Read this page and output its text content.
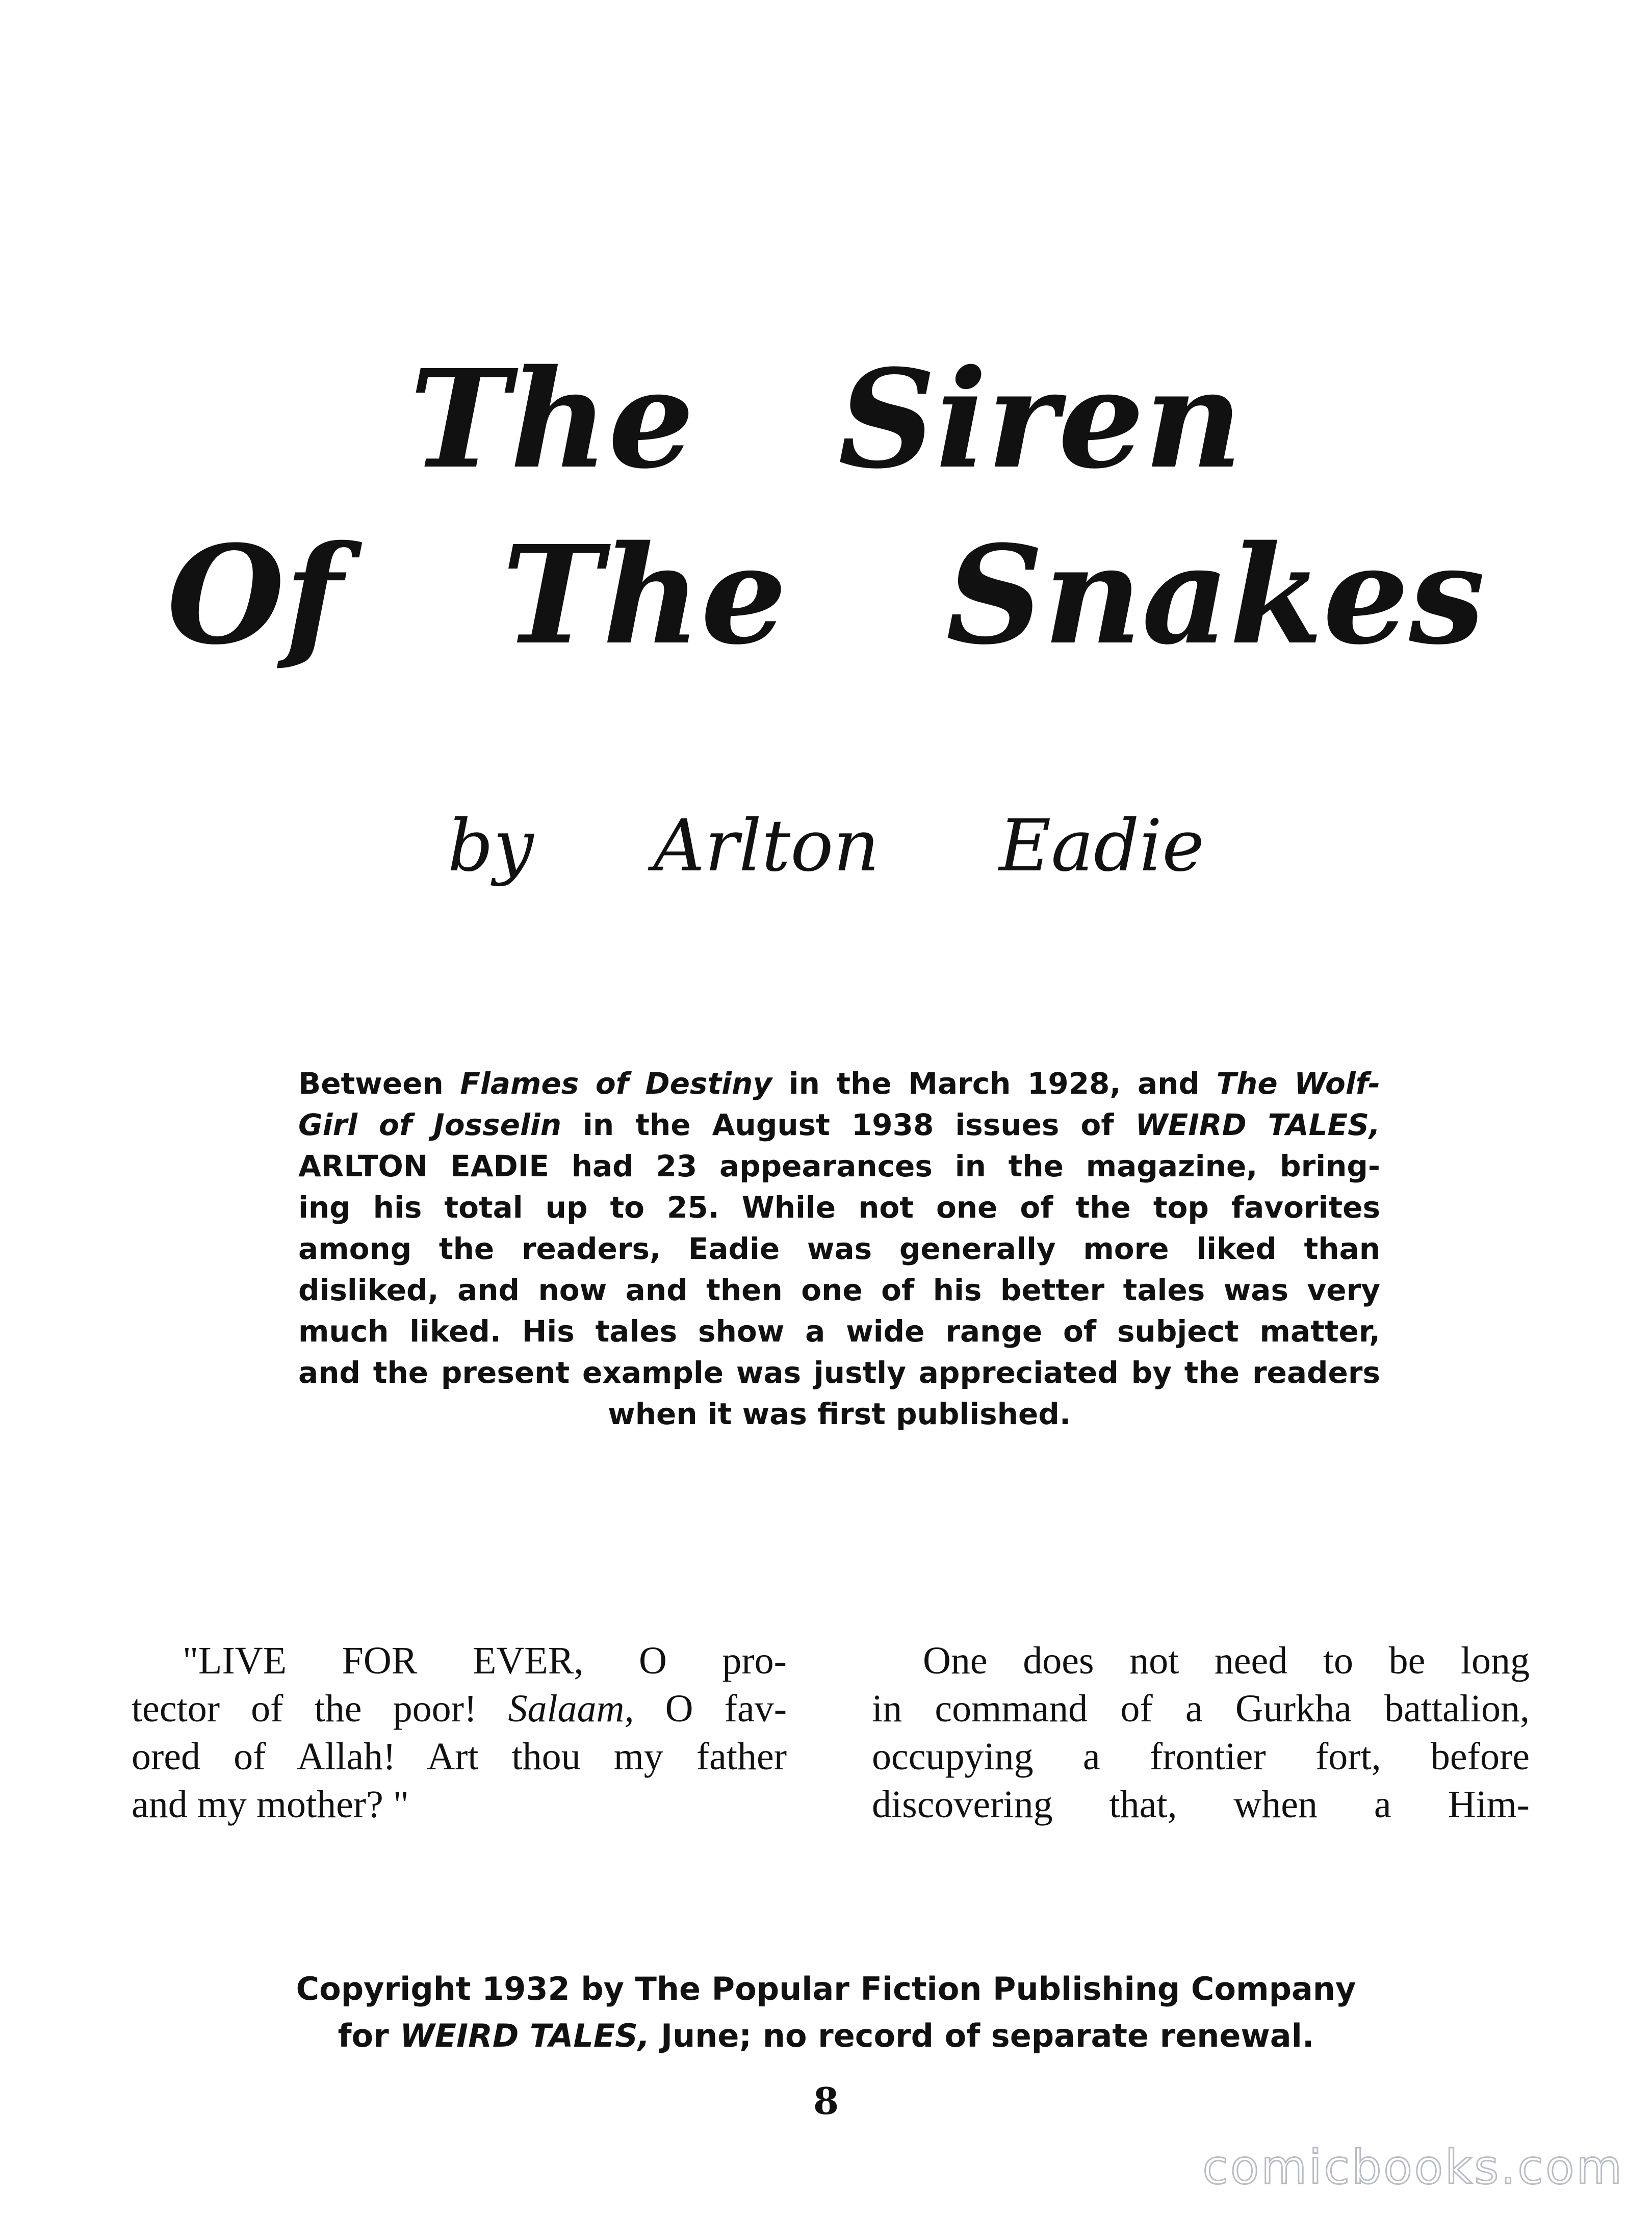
The Siren
Of The Snakes
by Arlton Eadie
Between Flames of Destiny in the March 1928, and The Wolf-
Girl of Josselin in the August 1938 issues of WEIRD TALES,
ARLTON EADIE had 23 appearances in the magazine, bring-
ing his total up to 25. While not one of the top favorites
among the readers, Eadie was generally more liked than
disliked, and now and then one of his better tales was very
much liked. His tales show a wide range of subject matter,
and the present example was justly appreciated by the readers
when it was first published.
"LIVE FOR EVER, O pro-
tector of the poor! Salaam, O fav-
ored of Allah! Art thou my father
and my mother? "
One does not need to be long
in command of a Gurkha battalion,
occupying a frontier fort, before
discovering that, when a Him-
Copyright 1932 by The Popular Fiction Publishing Company
for WEIRD TALES, June; no record of separate renewal.
8
comicbooks.com
